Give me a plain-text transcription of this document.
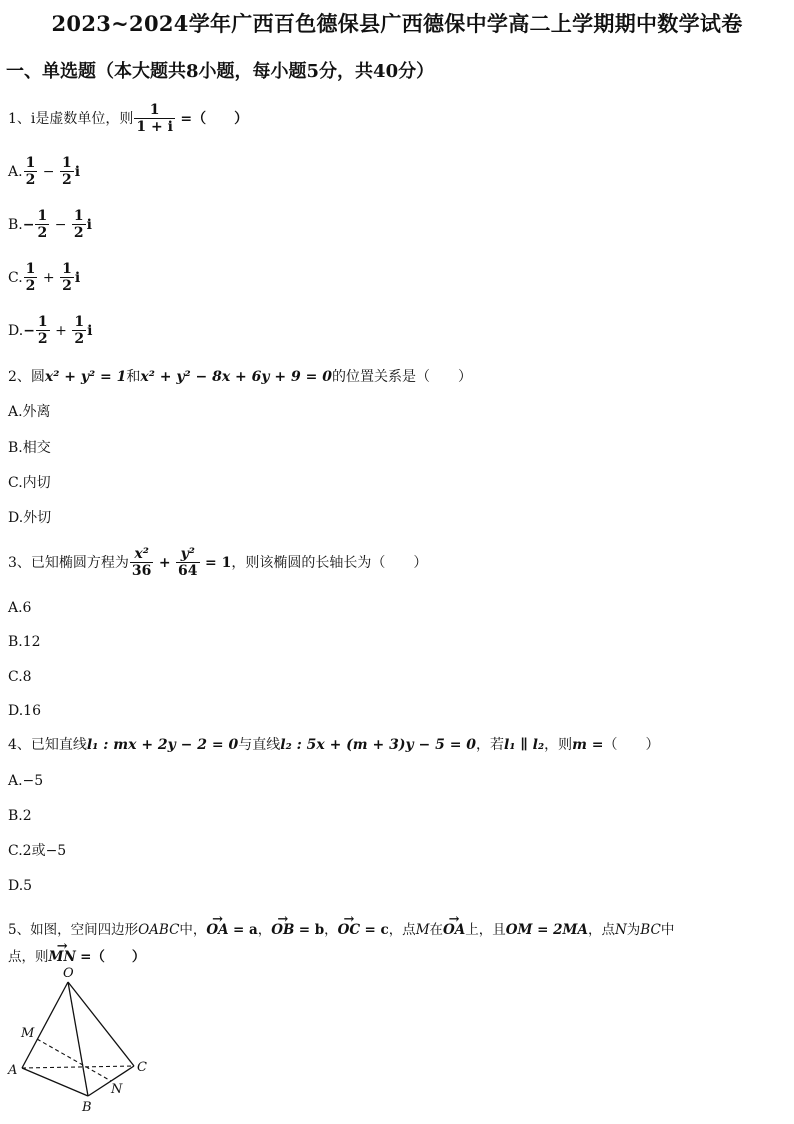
2023~2024学年广西百色德保县广西德保中学高二上学期期中数学试卷
一、单选题（本大题共8小题，每小题5分，共40分）
1、i是虚数单位，则 $\frac{1}{1 + i}$ =（　　）
A. $\frac{1}{2} - \frac{1}{2}$ i
$B.- \frac{1}{2} - \frac{1}{2}$ i
C. $\frac{1}{2} + \frac{1}{2}$ i
$D.- \frac{1}{2} + \frac{1}{2}$ i
2、圆x² + y² = 1和x² + y² − 8x + 6y + 9 = 0的位置关系是（　　）
A.外离
B.相交
C.内切
D.外切
3、已知椭圆方程为 $\frac{\text{x²}}{36} + \frac{\text{y²}}{64} = 1$，则该椭圆的长轴长为（　　）
A.6
B.12
C.8
D.16
4、已知直线l₁ : mx + 2y − 2 = 0与直线l₂ : 5x + (m + 3)y − 5 = 0，若l₁ ∥ l₂，则m =（　　）
A.−5
B.2
C.2或−5
D.5
5、如图，空间四边形OABC中，→ OA = a，→ OB = b，→ OC = c，点M在→ OA上，且OM = 2MA，点N为BC中
点，则→ MN =（　　）
O
M
A
B
C
N
